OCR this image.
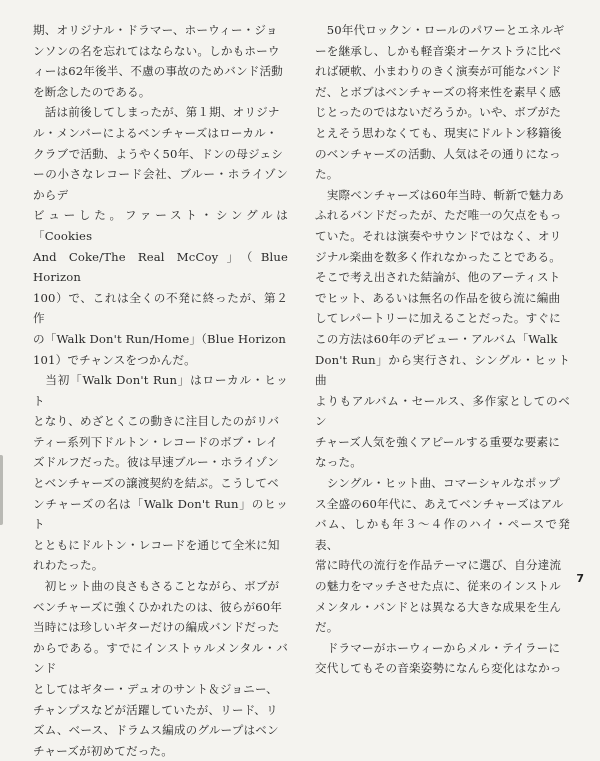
期、オリジナル・ドラマー、ホーウィー・ジョ
ンソンの名を忘れてはならない。しかもホーウ
ィーは62年後半、不慮の事故のためバンド活動
を断念したのである。

　話は前後してしまったが、第１期、オリジナ
ル・メンバーによるベンチャーズはローカル・
クラブで活動、ようやく50年、ドンの母ジェシ
ーの小さなレコード会社、ブルー・ホライゾンからデ
ビューした。ファースト・シングルは「Cookies
And Coke/The Real McCoy」（Blue Horizon
100）で、これは全くの不発に終ったが、第２作
の「Walk Don't Run/Home」（Blue Horizon
101）でチャンスをつかんだ。

　当初「Walk Don't Run」はローカル・ヒット
となり、めざとくこの動きに注目したのがリバ
ティー系列下ドルトン・レコードのボブ・レイ
ズドルフだった。彼は早速ブルー・ホライゾン
とベンチャーズの譲渡契約を結ぶ。こうしてベ
ンチャーズの名は「Walk Don't Run」のヒット
とともにドルトン・レコードを通じて全米に知
れわたった。

　初ヒット曲の良さもさることながら、ボブが
ベンチャーズに強くひかれたのは、彼らが60年
当時には珍しいギターだけの編成バンドだった
からである。すでにインストゥルメンタル・バンド
としてはギター・デュオのサント＆ジョニー、
チャンプスなどが活躍していたが、リード、リ
ズム、ベース、ドラムス編成のグループはベン
チャーズが初めてだった。

　50年代ロックン・ロールのパワーとエネルギ
ーを継承し、しかも軽音楽オーケストラに比べ
れば硬軟、小まわりのきく演奏が可能なバンド
だ、とボブはベンチャーズの将来性を素早く感
じとったのではないだろうか。いや、ボブがた
とえそう思わなくても、現実にドルトン移籍後
のベンチャーズの活動、人気はその通りになっ
た。

　実際ベンチャーズは60年当時、斬新で魅力あ
ふれるバンドだったが、ただ唯一の欠点をもっ
ていた。それは演奏やサウンドではなく、オリ
ジナル楽曲を数多く作れなかったことである。
そこで考え出された結論が、他のアーティスト
でヒット、あるいは無名の作品を彼ら流に編曲
してレパートリーに加えることだった。すぐに
この方法は60年のデビュー・アルバム「Walk
Don't Run」から実行され、シングル・ヒット曲
よりもアルバム・セールス、多作家としてのベン
チャーズ人気を強くアピールする重要な要素に
なった。

　シングル・ヒット曲、コマーシャルなポップ
ス全盛の60年代に、あえてベンチャーズはアル
バム、しかも年３〜４作のハイ・ペースで発表、
常に時代の流行を作品テーマに選び、自分達流
の魅力をマッチさせた点に、従来のインストル
メンタル・バンドとは異なる大きな成果を生ん
だ。

　ドラマーがホーウィーからメル・テイラーに
交代してもその音楽姿勢になんら変化はなかっ

7
